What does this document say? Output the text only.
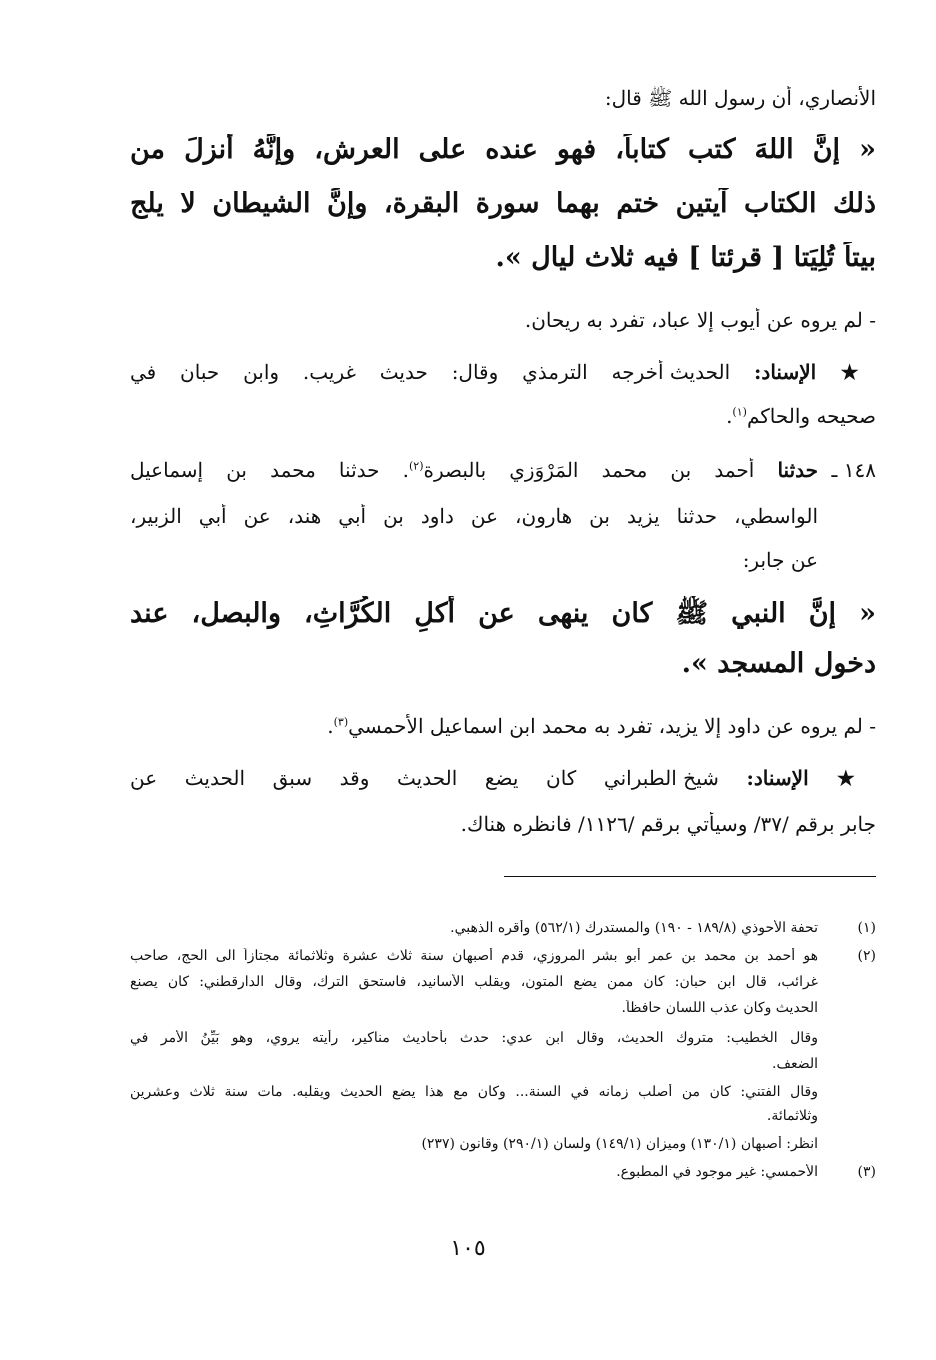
الأنصاري، أن رسول الله ﷺ قال:
« إنَّ اللهَ كتب كتاباً، فهو عنده على العرش، وإنَّهُ أنزلَ من
ذلك الكتاب آيتين ختم بهما سورة البقرة، وإنَّ الشيطان لا يلج
بيتاً تُلِيَتا [ قرئتا ] فيه ثلاث ليال ».
- لم يروه عن أيوب إلا عباد، تفرد به ريحان.
★ الإسناد: الحديث أخرجه الترمذي وقال: حديث غريب. وابن حبان في
صحيحه والحاكم$^{(١)}$.
١٤٨ ـ
حدثنا أحمد بن محمد المَرْوَزي بالبصرة$^{(٢)}$. حدثنا محمد بن إسماعيل
الواسطي، حدثنا يزيد بن هارون، عن داود بن أبي هند، عن أبي الزبير،
عن جابر:
« إنَّ النبي ﷺ كان ينهى عن أكلِ الكُرَّاثِ، والبصل، عند
دخول المسجد ».
- لم يروه عن داود إلا يزيد، تفرد به محمد ابن اسماعيل الأحمسي$^{(٣)}$.
★ الإسناد: شيخ الطبراني كان يضع الحديث وقد سبق الحديث عن
جابر برقم /٣٧/ وسيأتي برقم /١١٢٦/ فانظره هناك.
(١)
تحفة الأحوذي (١٨٩/٨ - ١٩٠) والمستدرك (٥٦٢/١) وأقره الذهبي.
(٢)
هو أحمد بن محمد بن عمر أبو بشر المروزي، قدم أصبهان سنة ثلاث عشرة وثلاثمائة مجتازاً الى الحج، صاحب
غرائب، قال ابن حبان: كان ممن يضع المتون، ويقلب الأسانيد، فاستحق الترك، وقال الدارقطني: كان يصنع
الحديث وكان عذب اللسان حافظاً.
وقال الخطيب: متروك الحديث، وقال ابن عدي: حدث بأحاديث مناكير، رأيته يروي، وهو بَيِّنُ الأمر في
الضعف.
وقال الفتني: كان من أصلب زمانه في السنة... وكان مع هذا يضع الحديث ويقلبه. مات سنة ثلاث وعشرين
وثلاثمائة.
انظر: أصبهان (١٣٠/١) وميزان (١٤٩/١) ولسان (٢٩٠/١) وقانون (٢٣٧)
(٣)
الأحمسي: غير موجود في المطبوع.
١٠٥
